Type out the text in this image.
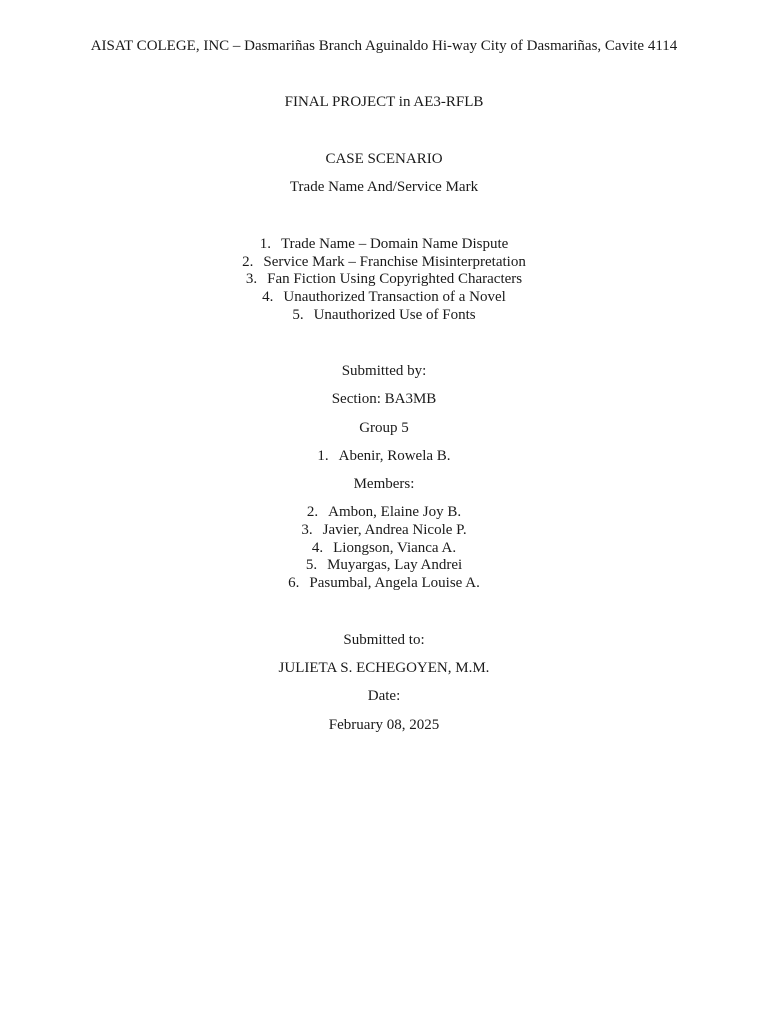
AISAT COLEGE, INC – Dasmariñas Branch Aguinaldo Hi-way City of Dasmariñas, Cavite 4114
FINAL PROJECT in AE3-RFLB
CASE SCENARIO
Trade Name And/Service Mark
1. Trade Name – Domain Name Dispute
2. Service Mark – Franchise Misinterpretation
3. Fan Fiction Using Copyrighted Characters
4. Unauthorized Transaction of a Novel
5. Unauthorized Use of Fonts
Submitted by:
Section: BA3MB
Group 5
1. Abenir, Rowela B.
Members:
2. Ambon, Elaine Joy B.
3. Javier, Andrea Nicole P.
4. Liongson, Vianca A.
5. Muyargas, Lay Andrei
6. Pasumbal, Angela Louise A.
Submitted to:
JULIETA S. ECHEGOYEN, M.M.
Date:
February 08, 2025
